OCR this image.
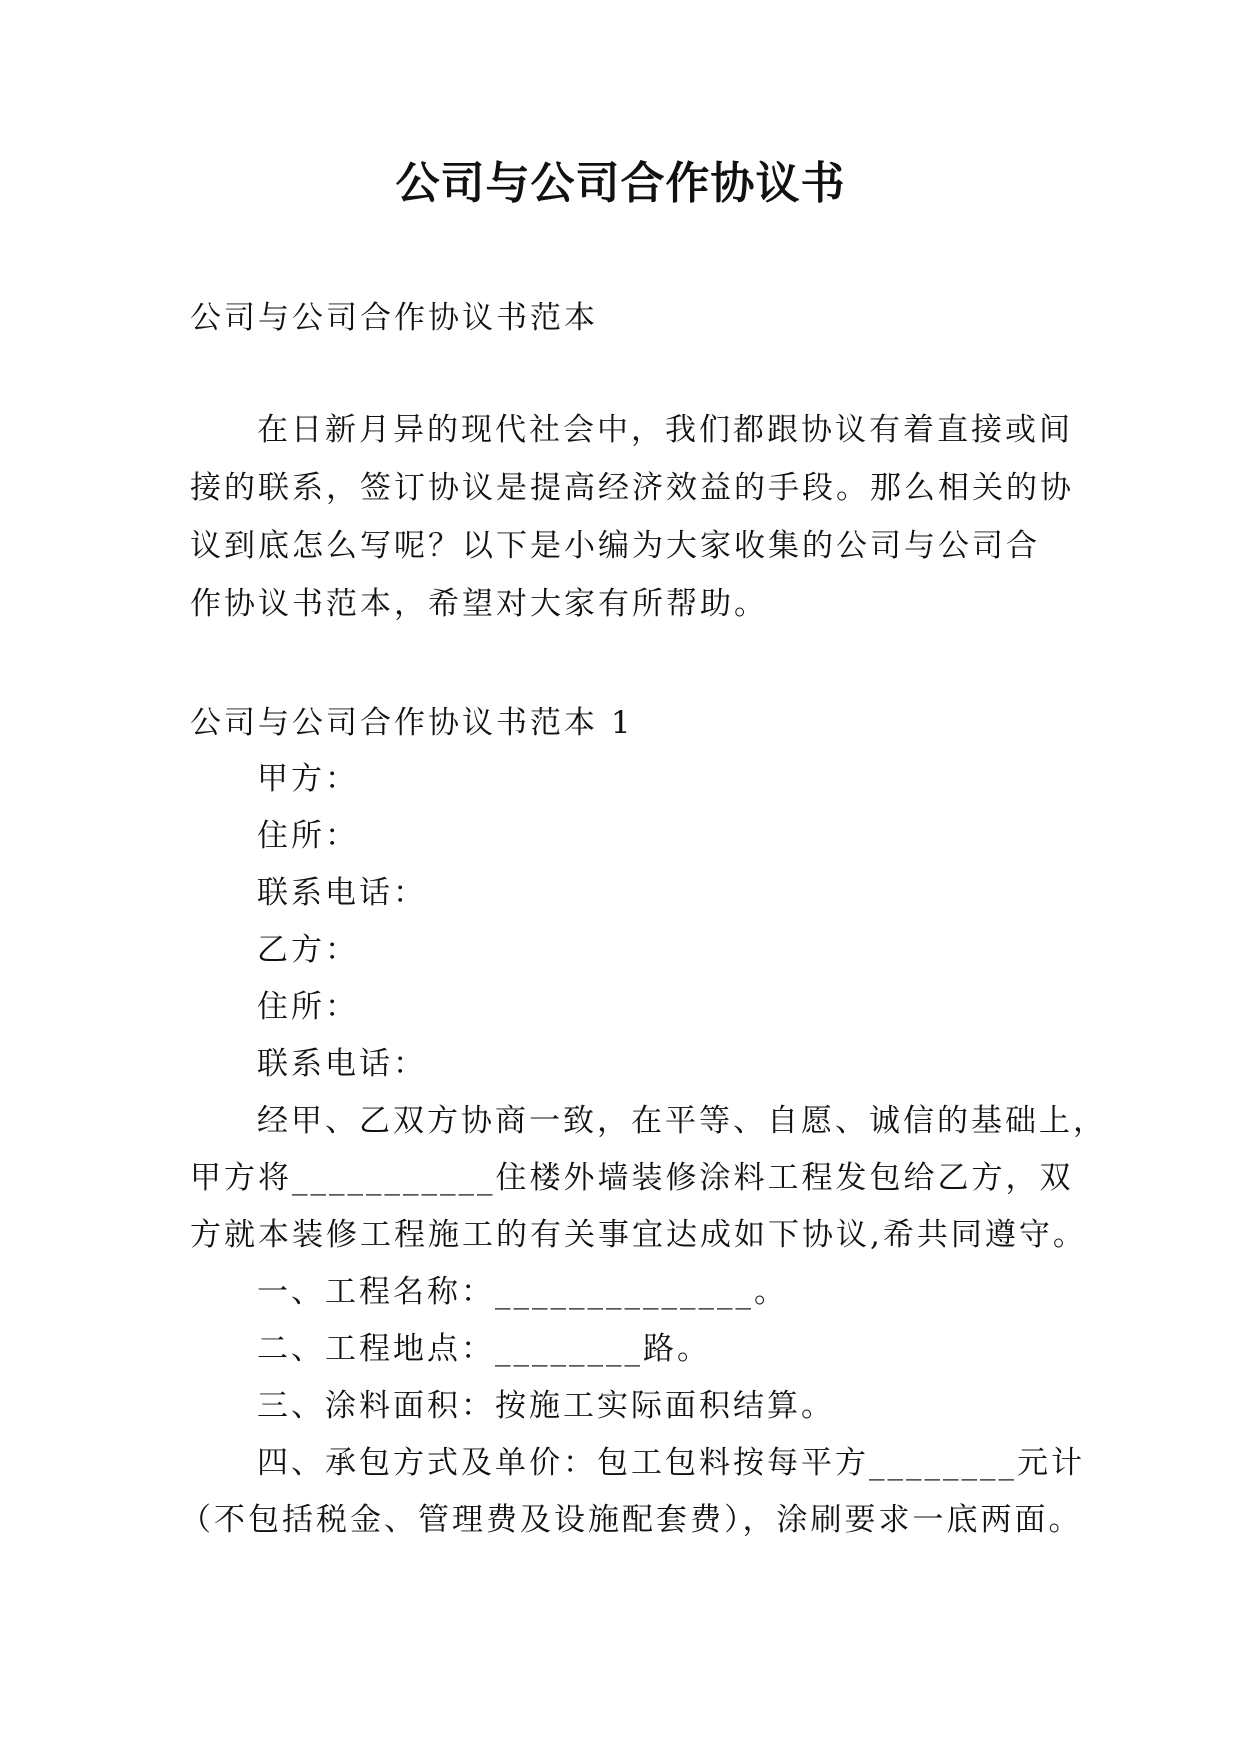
公司与公司合作协议书
公司与公司合作协议书范本
在日新月异的现代社会中，我们都跟协议有着直接或间
接的联系，签订协议是提高经济效益的手段。那么相关的协
议到底怎么写呢？以下是小编为大家收集的公司与公司合
作协议书范本，希望对大家有所帮助。
公司与公司合作协议书范本 1
甲方：
住所：
联系电话：
乙方：
住所：
联系电话：
经甲、乙双方协商一致，在平等、自愿、诚信的基础上，
甲方将___________住楼外墙装修涂料工程发包给乙方，双
方就本装修工程施工的有关事宜达成如下协议,希共同遵守。
一、工程名称：______________。
二、工程地点：________路。
三、涂料面积：按施工实际面积结算。
四、承包方式及单价：包工包料按每平方________元计
（不包括税金、管理费及设施配套费），涂刷要求一底两面。
